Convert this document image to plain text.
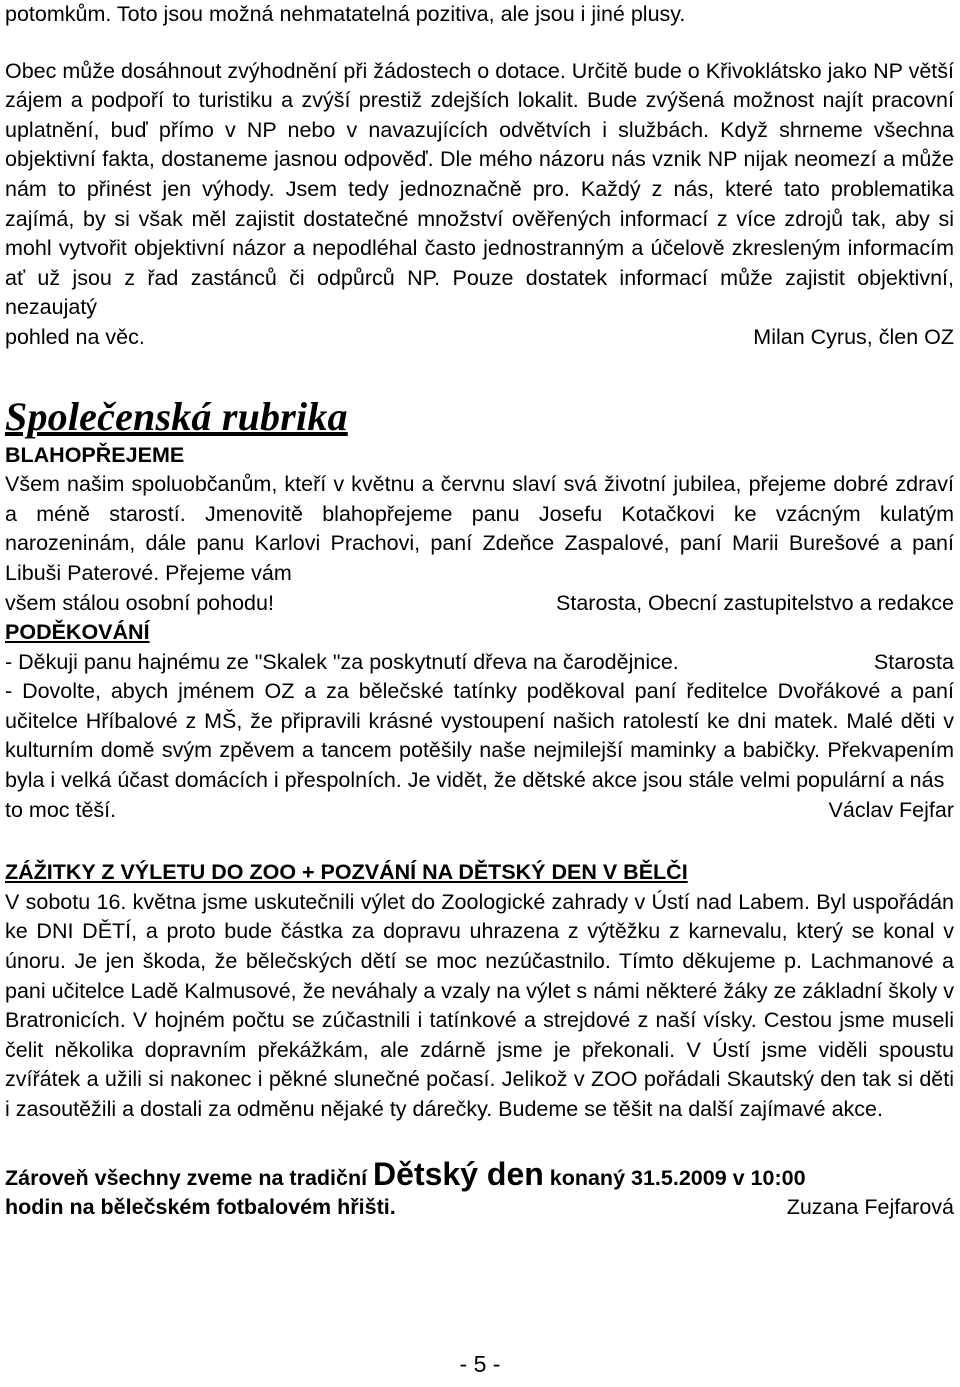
potomkům. Toto jsou možná nehmatatelná pozitiva, ale jsou i jiné plusy.

Obec může dosáhnout zvýhodnění při žádostech o dotace. Určitě bude o Křivoklátsko jako NP větší zájem a podpoří to turistiku a zvýší prestiž zdejších lokalit. Bude zvýšená možnost najít pracovní uplatnění, buď přímo v NP nebo v navazujících odvětvích i službách. Když shrneme všechna objektivní fakta, dostaneme jasnou odpověď. Dle mého názoru nás vznik NP nijak neomezí a může nám to přinést jen výhody. Jsem tedy jednoznačně pro. Každý z nás, které tato problematika zajímá, by si však měl zajistit dostatečné množství ověřených informací z více zdrojů tak, aby si mohl vytvořit objektivní názor a nepodléhal často jednostranným a účelově zkresleným informacím ať už jsou z řad zastánců či odpůrců NP. Pouze dostatek informací může zajistit objektivní, nezaujatý

pohled na věc.	Milan Cyrus, člen OZ
Společenská rubrika
BLAHOPŘEJEME

Všem našim spoluobčanům, kteří v květnu a červnu slaví svá životní jubilea, přejeme dobré zdraví a méně starostí. Jmenovitě blahopřejeme panu Josefu Kotačkovi ke vzácným kulatým narozeninám, dále panu Karlovi Prachovi, paní Zdeňce Zaspalové, paní Marii Burešové a paní Libuši Paterové. Přejeme vám

všem stálou osobní pohodu!	Starosta, Obecní zastupitelstvo a redakce
PODĚKOVÁNÍ
- Děkuji panu hajnému ze "Skalek "za poskytnutí dřeva na čarodějnice.	Starosta

- Dovolte, abych jménem OZ a za bělečské tatínky poděkoval paní ředitelce Dvořákové a paní učitelce Hříbalové z MŠ, že připravili krásné vystoupení našich ratolestí ke dni matek. Malé děti v kulturním domě svým zpěvem a tancem potěšily naše nejmilejší maminky a babičky. Překvapením byla i velká účast domácích i přespolních. Je vidět, že dětské akce jsou stále velmi populární a nás

to moc těší.	Václav Fejfar
ZÁŽITKY Z VÝLETU DO ZOO + POZVÁNÍ NA DĚTSKÝ DEN V BĚLČI

V sobotu 16. května jsme uskutečnili výlet do Zoologické zahrady v Ústí nad Labem. Byl uspořádán ke DNI DĚTÍ, a proto bude částka za dopravu uhrazena z výtěžku z karnevalu, který se konal v únoru. Je jen škoda, že bělečských dětí se moc nezúčastnilo. Tímto děkujeme p. Lachmanové a pani učitelce Ladě Kalmusové, že neváhaly a vzaly na výlet s námi některé žáky ze základní školy v Bratronicích. V hojném počtu se zúčastnili i tatínkové a strejdové z naší vísky. Cestou jsme museli čelit několika dopravním překážkám, ale zdárně jsme je překonali. V Ústí jsme viděli spoustu zvířátek a užili si nakonec i pěkné slunečné počasí. Jelikož v ZOO pořádali Skautský den tak si děti i zasoutěžili a dostali za odměnu nějaké ty dárečky. Budeme se těšit na další zajímavé akce.

Zároveň všechny zveme na tradiční Dětský den konaný 31.5.2009 v 10:00
hodin na bělečském fotbalovém hřišti.	Zuzana Fejfarová
- 5 -
